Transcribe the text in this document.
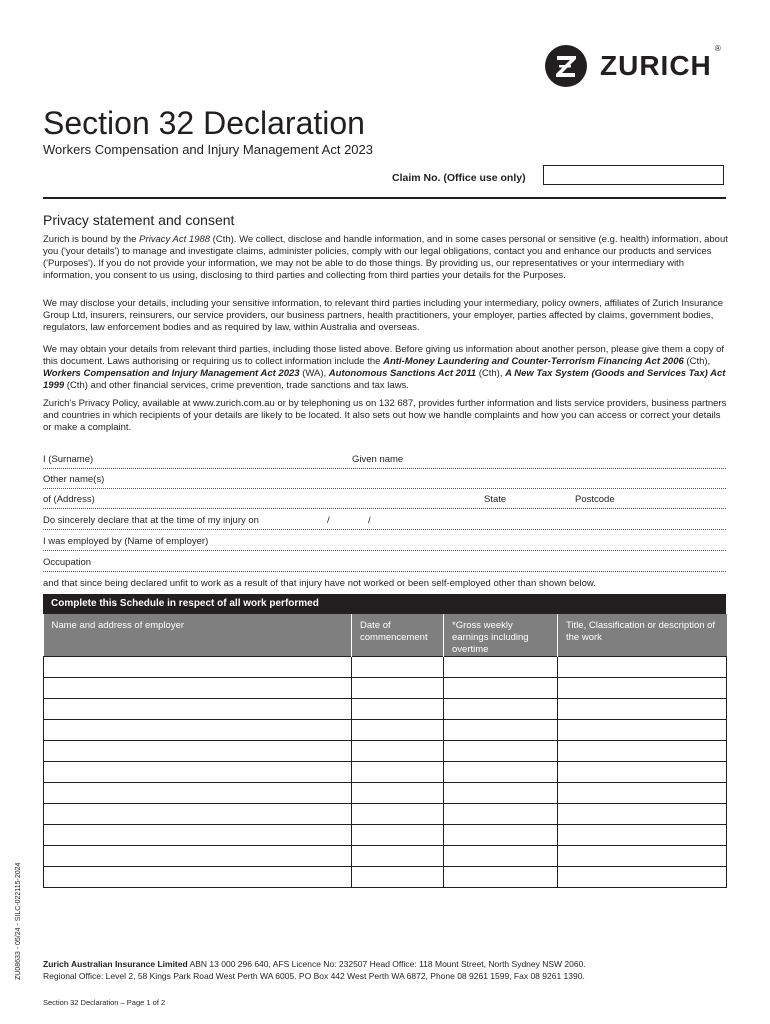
ZURICH
®
Section 32 Declaration
Workers Compensation and Injury Management Act 2023
Claim No. (Office use only)
Privacy statement and consent

Zurich is bound by the Privacy Act 1988 (Cth). We collect, disclose and handle information, and in some cases personal or sensitive (e.g. health) information, about you ('your details') to manage and investigate claims, administer policies, comply with our legal obligations, contact you and enhance our products and services ('Purposes'). If you do not provide your information, we may not be able to do those things. By providing us, our representatives or your intermediary with information, you consent to us using, disclosing to third parties and collecting from third parties your details for the Purposes.

We may disclose your details, including your sensitive information, to relevant third parties including your intermediary, policy owners, affiliates of Zurich Insurance Group Ltd, insurers, reinsurers, our service providers, our business partners, health practitioners, your employer, parties affected by claims, government bodies, regulators, law enforcement bodies and as required by law, within Australia and overseas.

We may obtain your details from relevant third parties, including those listed above. Before giving us information about another person, please give them a copy of this document. Laws authorising or requiring us to collect information include the Anti-Money Laundering and Counter-Terrorism Financing Act 2006 (Cth), Workers Compensation and Injury Management Act 2023 (WA), Autonomous Sanctions Act 2011 (Cth), A New Tax System (Goods and Services Tax) Act 1999 (Cth) and other financial services, crime prevention, trade sanctions and tax laws.

Zurich's Privacy Policy, available at www.zurich.com.au or by telephoning us on 132 687, provides further information and lists service providers, business partners and countries in which recipients of your details are likely to be located. It also sets out how we handle complaints and how you can access or correct your details or make a complaint.

I (Surname)	Given name
Other name(s)
of (Address)	State	Postcode
Do sincerely declare that at the time of my injury on	/	/
I was employed by (Name of employer)
Occupation
and that since being declared unfit to work as a result of that injury have not worked or been self-employed other than shown below.
Complete this Schedule in respect of all work performed
Name and address of employer	Date of commencement	*Gross weekly earnings including overtime	Title, Classification or description of the work

Zurich Australian Insurance Limited ABN 13 000 296 640, AFS Licence No: 232507 Head Office: 118 Mount Street, North Sydney NSW 2060.
Regional Office: Level 2, 58 Kings Park Road West Perth WA 6005. PO Box 442 West Perth WA 6872, Phone 08 9261 1599, Fax 08 9261 1390.
Section 32 Declaration – Page 1 of 2
ZU08633 - 05/24 - SILC-022115-2024
